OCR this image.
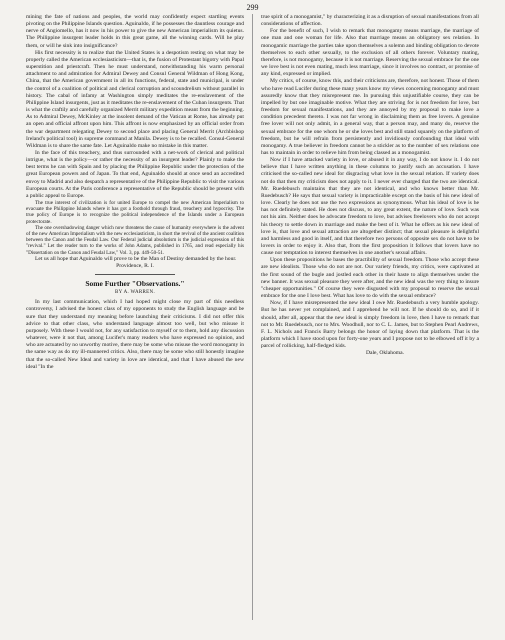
299

mining the fate of nations and peoples, the world may confidently expect startling events pivoting on the Philippine Islands question. Aguinaldo, if he possesses the dauntless courage and nerve of Angiomello, has it now in his power to give the new American imperialism its quietus. The Philippine insurgent leader holds in this great game, all the winning cards. Will he play them, or will he sink into insignificance?

His first necessity is to realize that the United States is a despotism resting on what may be properly called the American ecclesiasticism—that is, the fusion of Protestant bigotry with Papal superstition and priestcraft. Then he must understand, notwithstanding his warm personal attachment to and admiration for Admiral Dewey and Consul General Wildman of Hong Kong, China, that the American government in all its functions, federal, state and municipal, is under the control of a coalition of political and clerical corruption and scoundrelism without parallel in history. The cabal of infamy at Washington simply meditates the re-enslavement of the Philippine Island insurgents, just as it meditates the re-enslavement of the Cuban insurgents. That is what the craftily and carefully organized Merrit military expedition meant from the beginning. As to Admiral Dewey, McKinley at the insolent demand of the Vatican at Rome, has already put an open and official affront upon him. This affront is now emphasized by an official order from the war department relegating Dewey to second place and placing General Merrit (Archbishop Ireland's political tool) in supreme command at Manila. Dewey is to be recalled. Consul-General Wildman is to share the same fate. Let Aguinaldo make no mistake in this matter.

In the face of this treachery, and thus surrounded with a net-work of clerical and political intrigue, what is the policy—or rather the necessity of an insurgent leader? Plainly to make the best terms he can with Spain and by placing the Philippine Republic under the protection of the great European powers and of Japan. To that end, Aguinaldo should at once send an accredited envoy to Madrid and also despatch a representative of the Philippine Republic to visit the various European courts. At the Paris conference a representative of the Republic should be present with a public appeal to Europe.

The true interest of civilization is for united Europe to compel the new American Imperialism to evacuate the Philippine Islands where it has got a foothold through fraud, treachery and hypocrisy. The true policy of Europe is to recognize the political independence of the Islands under a European protectorate.

The one overshadowing danger which now threatens the cause of humanity everywhere is the advent of the new American Imperialism with the new ecclesiasticism, in short the revival of the ancient coalition between the Canon and the Feudal Law. Our Federal judicial absolutism is the judicial expression of this "revival." Let the reader turn to the works of John Adams, published in 1765, and read especially his "Dissertation on the Canon and Feudal Law," Vol. 3, pp. 449-50-51.

Let us all hope that Aguinaldo will prove to be the Man of Destiny demanded by the hour.

Providence, R. I.

Some Further "Observations."

BY A. WARREN.

In my last communication, which I had hoped might close my part of this needless controversy, I advised the honest class of my opponents to study the English language and be sure that they understand my meaning before launching their criticisms. I did not offer this advice to that other class, who understand language almost too well, but who misuse it purposely. With these I would not, for any satisfaction to myself or to them, hold any discussion whatever, were it not that, among Lucifer's many readers who have expressed no opinion, and who are actuated by no unworthy motive, there may be some who misuse the word monogamy in the same way as do my ill-mannered critics. Also, there may be some who still honestly imagine that the so-called New Ideal and variety in love are identical, and that I have abused the new ideal "In the

true spirit of a monogamist," by characterizing it as a disruption of sexual manifestations from all considerations of affection.

For the benefit of such, I wish to remark that monogamy means marriage, the marriage of one man and one woman for life. Also that marriage means an obligatory sex relation. In monogamic marriage the parties take upon themselves a solemn and binding obligation to devote themselves to each other sexually, to the exclusion of all others forever. Voluntary mating, therefore, is not monogamy, because it is not marriage. Reserving the sexual embrace for the one we love best is not even mating, much less marriage, since it involves no contract, or promise of any kind, expressed or implied.

My critics, of course, know this, and their criticisms are, therefore, not honest. Those of them who have read Lucifer during these many years know my views concerning monogamy and must assuredly know that they misrepresent me. In pursuing this unjustifiable course, they can be impelled by but one imaginable motive. What they are striving for is not freedom for love, but freedom for sexual manifestations, and they are annoyed by my proposal to make love a condition precedent thereto. I was not far wrong in disclaiming them as free lovers. A genuine free lover will not only admit, in a general way, that a person may, and many do, reserve the sexual embrace for the one whom he or she loves best and still stand squarely on the platform of freedom, but he will refrain from persistently and invidiously confounding that ideal with monogamy. A true believer in freedom cannot be a stickler as to the number of sex relations one has to maintain in order to relieve him from being classed as a monogamist.

Now if I have attacked variety in love, or abused it in any way, I do not know it. I do not believe that I have written anything in these columns to justify such an accusation. I have criticised the so-called new ideal for disgracing what love in the sexual relation. If variety does not do that then my criticism does not apply to it. I never ever charged that the two are identical. Mr. Ruedebusch maintains that they are not identical, and who knows better than Mr. Ruedebusch? He says that sexual variety is impracticable except on the basis of his new ideal of love. Clearly he does not use the two expressions as synonymous. What his ideal of love is he has not definitely stated. He does not discuss, to any great extent, the nature of love. Such was not his aim. Neither does he advocate freedom to love, but advises freelovers who do not accept his theory to settle down in marriage and make the best of it. What he offers as his new ideal of love is, that love and sexual attraction are altogether distinct; that sexual pleasure is delightful and harmless and good in itself, and that therefore two persons of opposite sex do not have to be lovers in order to enjoy it. Also that, from the first proposition it follows that lovers have no cause nor temptation to interest themselves in one another's sexual affairs.

Upon these propositions he bases the practibility of sexual freedom. Those who accept these are new idealists. Those who do not are not. Our variety friends, my critics, were captivated at the first sound of the bugle and jostled each other in their haste to align themselves under the new banner. It was sexual pleasure they were after, and the new ideal was the very thing to insure "cheaper opportunities." Of course they were disgusted with my proposal to reserve the sexual embrace for the one I love best. What has love to do with the sexual embrace?

Now, if I have misrepresented the new ideal I owe Mr. Ruedebusch a very humble apology. But he has never yet complained, and I apprehend he will not. If he should do so, and if it should, after all, appear that the new ideal is simply freedom in love, then I have to remark that not to Mr. Ruedebusch, nor to Mrs. Woodhull, nor to C. L. James, but to Stephen Pearl Andrews, F. L. Nichols and Francis Barry belongs the honor of laying down that platform. That is the platform which I have stood upon for forty-one years and I propose not to be elbowed off it by a parcel of rollicking, half-fledged kids.

Dale, Oklahoma.
